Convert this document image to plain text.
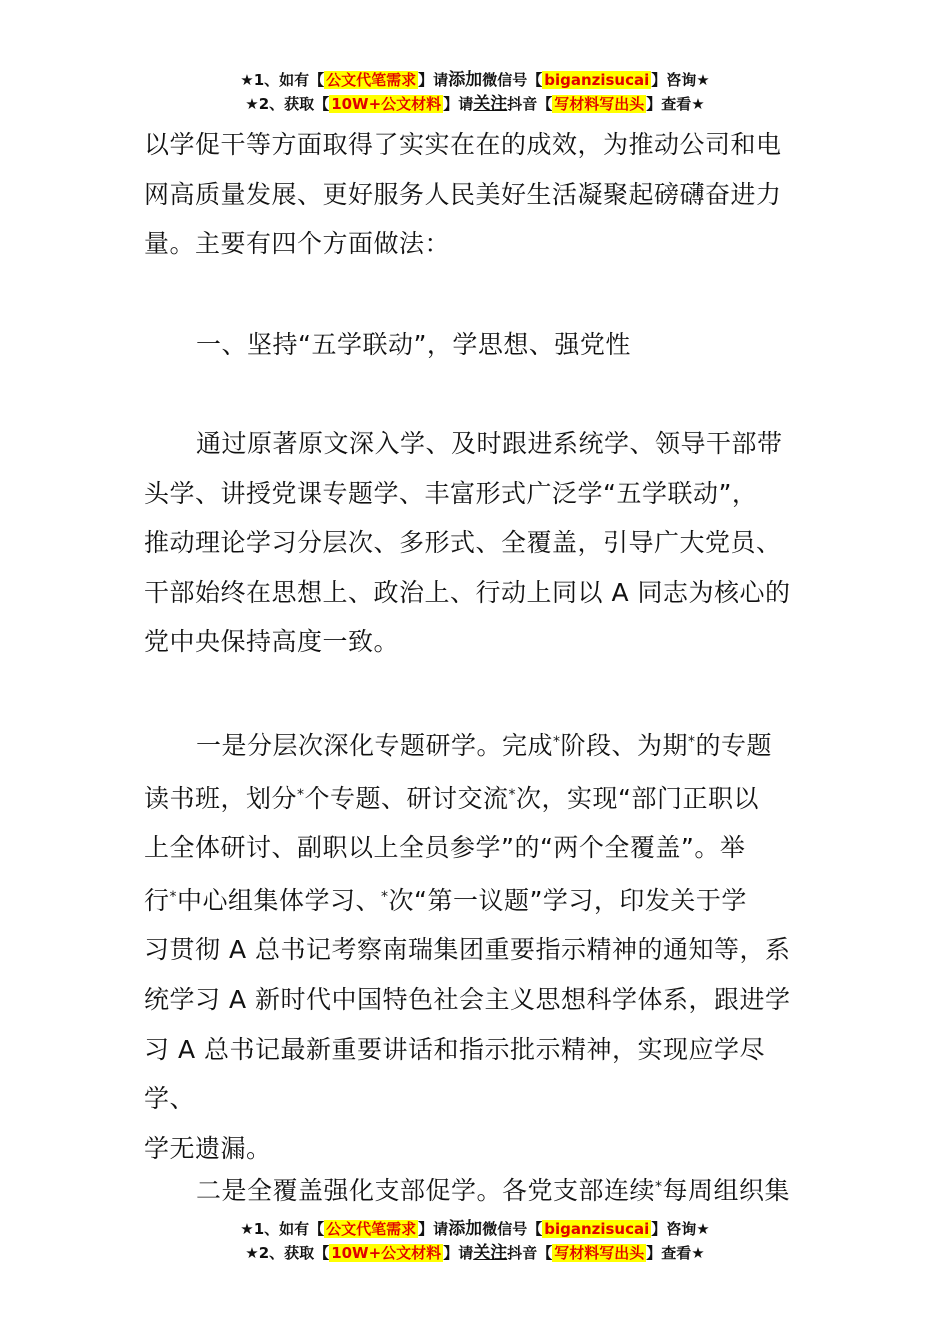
★1、如有【 公文代笔需求 】请添加微信号【 biganzisucai 】咨询★
★2、获取【 10W+公文材料 】请关注抖音【 写材料写出头 】查看★

以学促干等方面取得了实实在在的成效，为推动公司和电
网高质量发展、更好服务人民美好生活凝聚起磅礴奋进力
量。主要有四个方面做法：

一、坚持“五学联动”，学思想、强党性

通过原著原文深入学、及时跟进系统学、领导干部带
头学、讲授党课专题学、丰富形式广泛学“五学联动”，
推动理论学习分层次、多形式、全覆盖，引导广大党员、
干部始终在思想上、政治上、行动上同以 A 同志为核心的
党中央保持高度一致。

一是分层次深化专题研学。完成*阶段、为期*的专题
读书班，划分*个专题、研讨交流*次，实现“部门正职以
上全体研讨、副职以上全员参学”的“两个全覆盖”。举
行*中心组集体学习、*次“第一议题”学习，印发关于学
习贯彻 A 总书记考察南瑞集团重要指示精神的通知等，系
统学习 A 新时代中国特色社会主义思想科学体系，跟进学
习 A 总书记最新重要讲话和指示批示精神，实现应学尽学、
学无遗漏。

二是全覆盖强化支部促学。各党支部连续*每周组织集

★1、如有【 公文代笔需求 】请添加微信号【 biganzisucai 】咨询★
★2、获取【 10W+公文材料 】请关注抖音【 写材料写出头 】查看★
